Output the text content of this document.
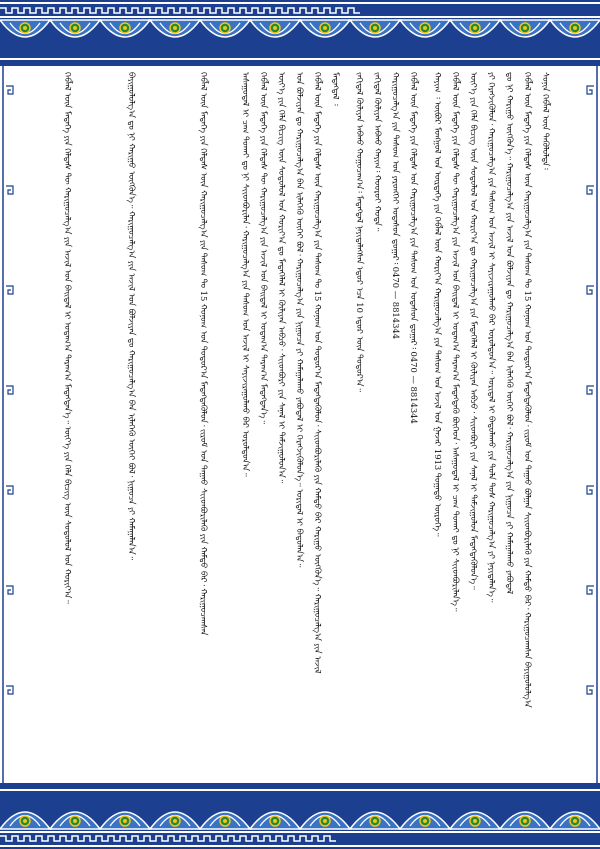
ᠰᠣᠨᠢᠨ ᠬᠡᠪᠯᠡᠯ ᠦᠨ ᠲᠡᠭᠦᠯᠦᠯᠲᠡ᠄
ᠬᠡᠪᠯᠡᠯ ᠦᠨ ᠮᠡᠳᠡᠭᠡ ᠶᠢᠨ ᠬᠡᠯᠲᠡᠰ ᠦᠨ ᠬᠠᠷᠢᠭᠤᠴᠠᠯᠭ᠎ᠠ ᠶᠢᠨ ᠲᠠᠰᠤᠭ ᠲᠤ 15 ᠬᠣᠨᠤᠭ ᠤᠨ ᠳᠣᠲᠣᠷ᠎ᠠ ᠮᠡᠳᠡᠭᠳᠡᠭᠦᠯᠦᠨ᠂ ᠵᠢᠷᠤᠮ ᠤᠨ ᠳᠠᠭᠠᠤ ᠪᠣᠯᠭᠠᠨ ᠰᠢᠢᠳᠪᠦᠷᠢᠯᠡᠬᠦ ᠶᠢᠨ ᠬᠠᠮᠲᠤ ᠪᠠᠷ᠂ ᠬᠠᠷᠢᠭᠤᠴᠠᠭᠰᠠᠨ ᠪᠠᠶᠢᠭᠤᠯᠤᠯᠭ᠎ᠠ
ᠳᠤ ᠨᠢ ᠬᠠᠷᠢᠭᠤ ᠥᠭᠭᠦᠨ᠎ᠡ᠃ ᠬᠠᠷᠢᠭᠤᠴᠠᠯᠭ᠎ᠠ ᠶᠢᠨ ᠠᠵᠢᠯ ᠤᠨ ᠪᠣᠯᠵᠢᠶᠠᠨ ᠳᠤ ᠬᠠᠷᠢᠭᠤᠴᠠᠯᠭ᠎ᠠ ᠪᠠᠨ ᠢᠯᠡᠭᠡᠬᠦ ᠦᠭᠡᠢ ᠪᠣᠯ᠂ ᠬᠠᠷᠢᠭᠤᠴᠠᠯᠭ᠎ᠠ ᠶᠢᠨ ᠨᠢᠭᠤᠴᠠ ᠶᠢ ᠬᠠᠮᠠᠭᠠᠯᠠᠬᠤ ᠶᠠᠪᠤᠳᠠᠯ
ᠶᠢ ᠬᠡᠷᠡᠭᠵᠢᠭᠦᠯᠦᠨ᠂ ᠬᠠᠷᠢᠭᠤᠴᠠᠯᠭ᠎ᠠ ᠶᠢᠨ ᠲᠠᠰᠤᠭ ᠤᠨ ᠠᠵᠢᠯ ᠢ ᠰᠠᠶᠢᠵᠢᠷᠠᠭᠤᠯᠬᠤ ᠪᠠᠷ ᠣᠷᠣᠯᠳᠤᠨ᠎ᠠ᠃ ᠤᠷᠢᠳᠠᠯ ᠢ ᠪᠠᠲᠤᠯᠠᠬᠤ ᠶᠢᠨ ᠲᠤᠯᠠ ᠲᠤᠰ ᠬᠠᠷᠢᠭᠤᠴᠠᠯᠭ᠎ᠠ ᠶᠢ ᠨᠡᠶᠢᠲᠡᠯᠡᠨ᠎ᠡ᠃
ᠦᠶ᠎ᠡ ᠶᠢᠨ ᠬᠡᠯᠡ ᠪᠢᠴᠢᠭ ᠦᠨ ᠰᠤᠳᠤᠯᠤᠯ ᠤᠨ ᠬᠣᠷᠢᠶ᠎ᠠ ᠳᠤ ᠬᠠᠷᠢᠭᠤᠴᠠᠯᠭ᠎ᠠ ᠶᠢᠨ ᠮᠡᠳᠡᠭᠡᠯᠡᠯ ᠢ ᠬᠦᠯᠢᠶᠡᠨ ᠠᠪᠴᠤ᠂ ᠰᠢᠢᠳᠪᠦᠷᠢ ᠶᠢᠨ ᠰᠠᠨᠠᠯ ᠢ ᠳᠠᠮᠵᠢᠭᠤᠯᠤᠨ ᠮᠡᠳᠡᠭᠳᠡᠭᠦᠯᠦᠨ᠎ᠡ᠃
ᠬᠡᠪᠯᠡᠯ ᠦᠨ ᠮᠡᠳᠡᠭᠡ ᠶᠢᠨ ᠬᠡᠯᠲᠡᠰ ᠲᠦ ᠬᠠᠷᠢᠭᠤᠴᠠᠯᠭ᠎ᠠ ᠶᠢᠨ ᠠᠵᠢᠯ ᠤᠨ ᠪᠠᠢᠳᠠᠯ ᠢ ᠤᠳᠠᠭ᠎ᠠ ᠳᠠᠷᠠᠭ᠎ᠠ ᠮᠡᠳᠡᠭᠳᠡᠬᠦ ᠪᠥᠭᠡᠳ᠂ ᠠᠰᠠᠭᠤᠳᠠᠯ ᠢ ᠴᠠᠭ ᠲᠤᠬᠠᠢ ᠳᠤ ᠨᠢ ᠰᠢᠢᠳᠪᠦᠷᠢᠯᠡᠨ᠎ᠡ᠃
ᠬᠠᠶᠢᠭ ᠄ ᠥᠪᠦᠷ ᠮᠣᠩᠭᠣᠯ ᠤᠨ ᠥᠷᠲᠡᠭᠡ ᠶᠢᠨ ᠬᠡᠪᠯᠡᠯ ᠦᠨ ᠬᠣᠷᠢᠶ᠎ᠠ ᠬᠠᠷᠢᠭᠤᠴᠠᠯᠭ᠎ᠠ ᠶᠢᠨ ᠲᠠᠰᠤᠭ ᠤᠨ ᠠᠵᠢᠯ ᠤᠨ ᠭᠠᠵᠠᠷ 1913 ᠲᠣᠭᠠᠲᠤ ᠥᠷᠦᠭᠡ᠃
ᠬᠡᠪᠯᠡᠯ ᠦᠨ ᠮᠡᠳᠡᠭᠡ ᠶᠢᠨ ᠬᠡᠯᠲᠡᠰ ᠤᠨ ᠬᠠᠷᠢᠭᠤᠴᠠᠯᠭ᠎ᠠ ᠶᠢᠨ ᠲᠠᠰᠤᠭ ᠤᠨ ᠤᠲᠠᠰᠤᠨ ᠳ᠋ᠤᠭᠠᠷ᠄ 0470 — 8814344
ᠬᠠᠷᠢᠭᠤᠴᠠᠯᠭ᠎ᠠ ᠶᠢᠨ ᠲᠠᠰᠤᠭ ᠤᠨ ᠶᠡᠷᠦᠩᠬᠡᠢ ᠤᠲᠠᠰᠤᠨ ᠳ᠋ᠤᠭᠠᠷ᠄ 0470 — 8814344
ᠵᠠᠬᠢᠳᠠᠯ ᠬᠦᠯᠢᠶᠡᠨ ᠠᠪᠬᠤ ᠬᠠᠶᠢᠭ᠄ ᠬᠣᠣᠷᠣᠢ ᠬᠣᠲᠠ᠃
ᠵᠠᠬᠢᠳᠠᠯ ᠬᠦᠯᠢᠶᠡᠨ ᠠᠪᠬᠤ ᠬᠤᠭᠤᠴᠠᠭ᠎ᠠ᠄ ᠮᠡᠳᠡᠭᠳᠡᠯ ᠨᠡᠶᠢᠲᠡᠯᠡᠭᠰᠡᠨ ᠡᠳᠦᠷ ᠡᠴᠡ 10 ᠡᠳᠦᠷ ᠦᠨ ᠳᠣᠲᠣᠷ᠎ᠠ᠃
ᠮᠡᠳᠡᠭᠳᠡᠯ ᠄
ᠬᠡᠪᠯᠡᠯ ᠦᠨ ᠮᠡᠳᠡᠭᠡ ᠶᠢᠨ ᠬᠡᠯᠲᠡᠰ ᠦᠨ ᠬᠠᠷᠢᠭᠤᠴᠠᠯᠭ᠎ᠠ ᠶᠢᠨ ᠲᠠᠰᠤᠭ ᠲᠤ 15 ᠬᠣᠨᠤᠭ ᠤᠨ ᠳᠣᠲᠣᠷ᠎ᠠ ᠮᠡᠳᠡᠭᠳᠡᠭᠦᠯᠦᠨ᠂ ᠰᠢᠢᠳᠪᠦᠷᠢᠯᠡᠬᠦ ᠶᠢᠨ ᠬᠠᠮᠲᠤ ᠪᠠᠷ ᠬᠠᠷᠢᠭᠤ ᠥᠭᠭᠦᠨ᠎ᠡ᠃ ᠬᠠᠷᠢᠭᠤᠴᠠᠯᠭ᠎ᠠ ᠶᠢᠨ ᠠᠵᠢᠯ
ᠤᠨ ᠪᠣᠯᠵᠢᠶᠠᠨ ᠳᠤ ᠬᠠᠷᠢᠭᠤᠴᠠᠯᠭ᠎ᠠ ᠪᠠᠨ ᠢᠯᠡᠭᠡᠬᠦ ᠦᠭᠡᠢ ᠪᠣᠯ᠂ ᠬᠠᠷᠢᠭᠤᠴᠠᠯᠭ᠎ᠠ ᠶᠢᠨ ᠨᠢᠭᠤᠴᠠ ᠶᠢ ᠬᠠᠮᠠᠭᠠᠯᠠᠬᠤ ᠶᠠᠪᠤᠳᠠᠯ ᠢ ᠬᠡᠷᠡᠭᠵᠢᠭᠦᠯᠦᠨ᠎ᠡ᠃ ᠤᠷᠢᠳᠠᠯ ᠢ ᠪᠠᠲᠤᠯᠠᠨ᠎ᠠ᠃
ᠦᠶ᠎ᠡ ᠶᠢᠨ ᠬᠡᠯᠡ ᠪᠢᠴᠢᠭ ᠦᠨ ᠰᠤᠳᠤᠯᠤᠯ ᠤᠨ ᠬᠣᠷᠢᠶ᠎ᠠ ᠳᠤ ᠮᠡᠳᠡᠭᠡᠯᠡᠯ ᠢ ᠬᠦᠯᠢᠶᠡᠨ ᠠᠪᠴᠤ᠂ ᠰᠢᠢᠳᠪᠦᠷᠢ ᠶᠢᠨ ᠰᠠᠨᠠᠯ ᠢ ᠳᠠᠮᠵᠢᠭᠤᠯᠤᠨ᠎ᠠ᠃
ᠬᠡᠪᠯᠡᠯ ᠦᠨ ᠮᠡᠳᠡᠭᠡ ᠶᠢᠨ ᠬᠡᠯᠲᠡᠰ ᠲᠦ ᠬᠠᠷᠢᠭᠤᠴᠠᠯᠭ᠎ᠠ ᠶᠢᠨ ᠠᠵᠢᠯ ᠤᠨ ᠪᠠᠢᠳᠠᠯ ᠢ ᠤᠳᠠᠭ᠎ᠠ ᠳᠠᠷᠠᠭ᠎ᠠ ᠮᠡᠳᠡᠭᠳᠡᠨ᠎ᠡ᠃
ᠠᠰᠠᠭᠤᠳᠠᠯ ᠢ ᠴᠠᠭ ᠲᠤᠬᠠᠢ ᠳᠤ ᠨᠢ ᠰᠢᠢᠳᠪᠦᠷᠢᠯᠡᠨ᠂ ᠬᠠᠷᠢᠭᠤᠴᠠᠯᠭ᠎ᠠ ᠶᠢᠨ ᠲᠠᠰᠤᠭ ᠤᠨ ᠠᠵᠢᠯ ᠢ ᠰᠠᠶᠢᠵᠢᠷᠠᠭᠤᠯᠬᠤ ᠪᠠᠷ ᠣᠷᠣᠯᠳᠤᠨ᠎ᠠ᠃
ᠬᠡᠪᠯᠡᠯ ᠦᠨ ᠮᠡᠳᠡᠭᠡ ᠶᠢᠨ ᠬᠡᠯᠲᠡᠰ ᠦᠨ ᠬᠠᠷᠢᠭᠤᠴᠠᠯᠭ᠎ᠠ ᠶᠢᠨ ᠲᠠᠰᠤᠭ ᠲᠤ 15 ᠬᠣᠨᠤᠭ ᠤᠨ ᠳᠣᠲᠣᠷ᠎ᠠ ᠮᠡᠳᠡᠭᠳᠡᠭᠦᠯᠦᠨ᠂ ᠵᠢᠷᠤᠮ ᠤᠨ ᠳᠠᠭᠠᠤ ᠰᠢᠢᠳᠪᠦᠷᠢᠯᠡᠬᠦ ᠶᠢᠨ ᠬᠠᠮᠲᠤ ᠪᠠᠷ᠂ ᠬᠠᠷᠢᠭᠤᠴᠠᠭᠰᠠᠨ
ᠪᠠᠶᠢᠭᠤᠯᠤᠯᠭ᠎ᠠ ᠳᠤ ᠨᠢ ᠬᠠᠷᠢᠭᠤ ᠥᠭᠭᠦᠨ᠎ᠡ᠃ ᠬᠠᠷᠢᠭᠤᠴᠠᠯᠭ᠎ᠠ ᠶᠢᠨ ᠠᠵᠢᠯ ᠤᠨ ᠪᠣᠯᠵᠢᠶᠠᠨ ᠳᠤ ᠬᠠᠷᠢᠭᠤᠴᠠᠯᠭ᠎ᠠ ᠪᠠᠨ ᠢᠯᠡᠭᠡᠬᠦ ᠦᠭᠡᠢ ᠪᠣᠯ᠂ ᠨᠢᠭᠤᠴᠠ ᠶᠢ ᠬᠠᠮᠠᠭᠠᠯᠠᠨ᠎ᠠ᠃
ᠬᠡᠪᠯᠡᠯ ᠦᠨ ᠮᠡᠳᠡᠭᠡ ᠶᠢᠨ ᠬᠡᠯᠲᠡᠰ ᠲᠦ ᠬᠠᠷᠢᠭᠤᠴᠠᠯᠭ᠎ᠠ ᠶᠢᠨ ᠠᠵᠢᠯ ᠤᠨ ᠪᠠᠢᠳᠠᠯ ᠢ ᠤᠳᠠᠭ᠎ᠠ ᠳᠠᠷᠠᠭ᠎ᠠ ᠮᠡᠳᠡᠭᠳᠡᠨ᠎ᠡ᠃ ᠦᠶ᠎ᠡ ᠶᠢᠨ ᠬᠡᠯᠡ ᠪᠢᠴᠢᠭ ᠦᠨ ᠰᠤᠳᠤᠯᠤᠯ ᠤᠨ ᠬᠣᠷᠢᠶ᠎ᠠ᠃
